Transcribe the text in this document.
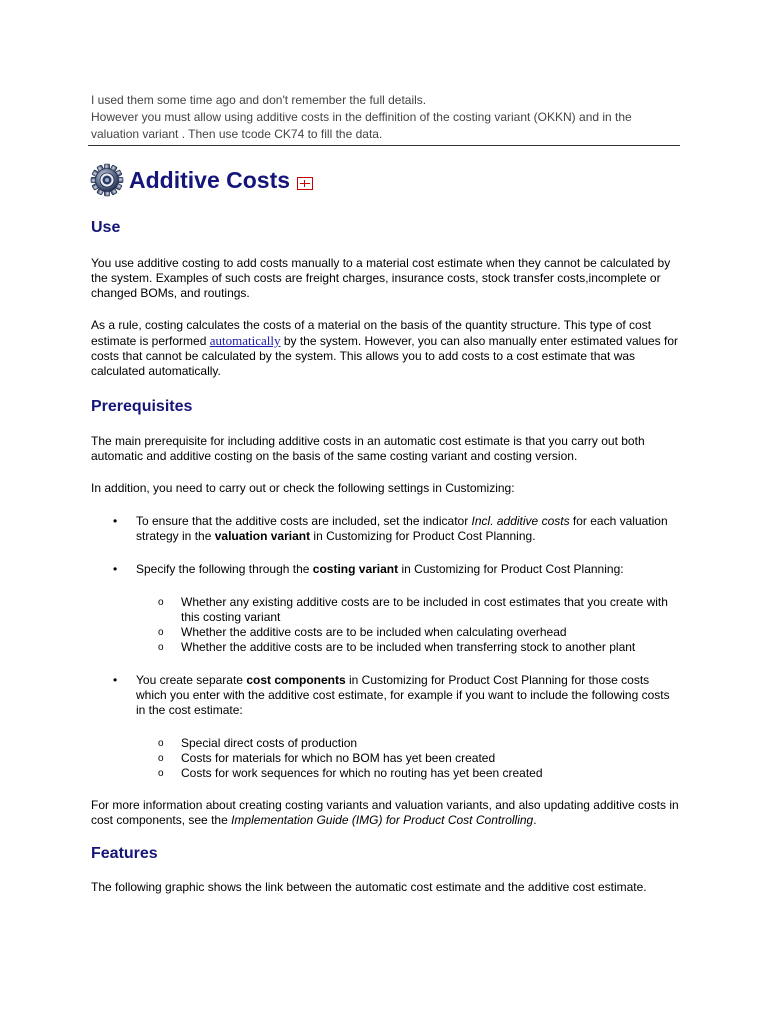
I used them some time ago and don't remember the full details.
However you must allow using additive costs in the deffinition of the costing variant (OKKN) and in the valuation variant . Then use tcode CK74 to fill the data.
Additive Costs
Use

You use additive costing to add costs manually to a material cost estimate when they cannot be calculated by the system. Examples of such costs are freight charges, insurance costs, stock transfer costs,incomplete or changed BOMs, and routings.

As a rule, costing calculates the costs of a material on the basis of the quantity structure. This type of cost estimate is performed automatically by the system. However, you can also manually enter estimated values for costs that cannot be calculated by the system. This allows you to add costs to a cost estimate that was calculated automatically.

Prerequisites

The main prerequisite for including additive costs in an automatic cost estimate is that you carry out both automatic and additive costing on the basis of the same costing variant and costing version.

In addition, you need to carry out or check the following settings in Customizing:

• To ensure that the additive costs are included, set the indicator Incl. additive costs for each valuation strategy in the valuation variant in Customizing for Product Cost Planning.
• Specify the following through the costing variant in Customizing for Product Cost Planning:
o Whether any existing additive costs are to be included in cost estimates that you create with this costing variant
o Whether the additive costs are to be included when calculating overhead
o Whether the additive costs are to be included when transferring stock to another plant
• You create separate cost components in Customizing for Product Cost Planning for those costs which you enter with the additive cost estimate, for example if you want to include the following costs in the cost estimate:
o Special direct costs of production
o Costs for materials for which no BOM has yet been created
o Costs for work sequences for which no routing has yet been created

For more information about creating costing variants and valuation variants, and also updating additive costs in cost components, see the Implementation Guide (IMG) for Product Cost Controlling.

Features

The following graphic shows the link between the automatic cost estimate and the additive cost estimate.
